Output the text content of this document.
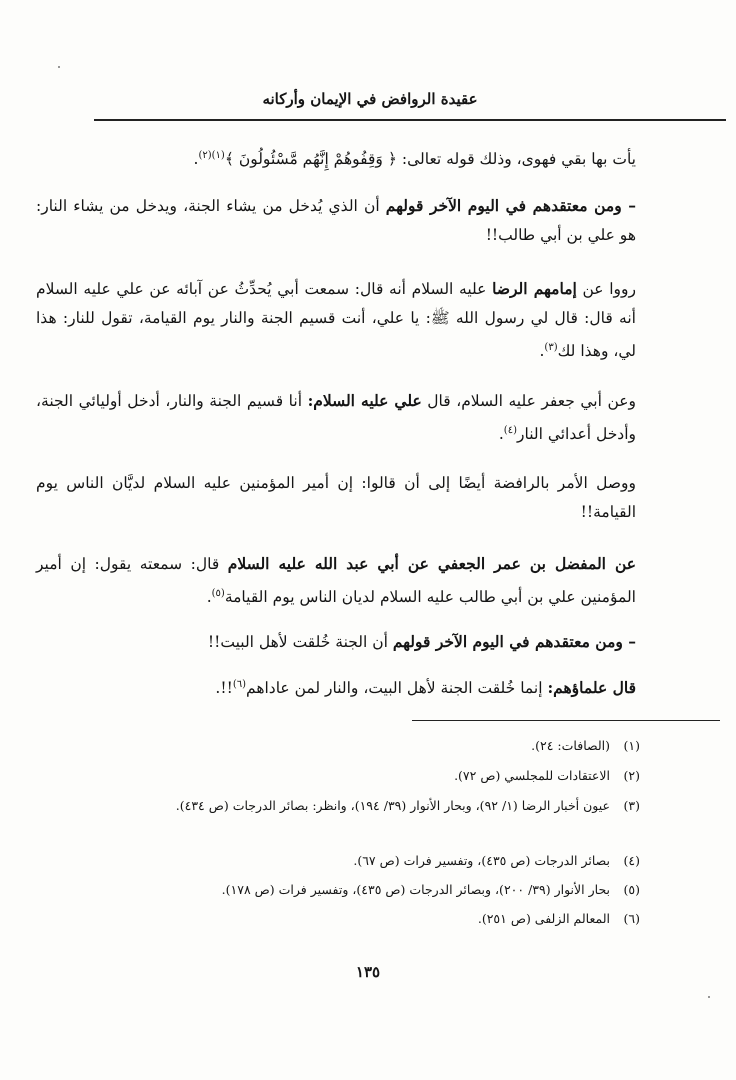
عقيدة الروافض في الإيمان وأركانه

يأت بها بقي فهوى، وذلك قوله تعالى: ﴿ وَقِفُوهُمْ إِنَّهُم مَّسْئُولُونَ ﴾$^{(١)(٢)}$.

– ومن معتقدهم في اليوم الآخر قولهم أن الذي يُدخل من يشاء الجنة، ويدخل من يشاء النار: هو علي بن أبي طالب!!

رووا عن إمامهم الرضا عليه السلام أنه قال: سمعت أبي يُحدِّثُ عن آبائه عن علي عليه السلام أنه قال: قال لي رسول الله ﷺ: يا علي، أنت قسيم الجنة والنار يوم القيامة، تقول للنار: هذا لي، وهذا لك$^{(٣)}$.

وعن أبي جعفر عليه السلام، قال علي عليه السلام: أنا قسيم الجنة والنار، أدخل أوليائي الجنة، وأدخل أعدائي النار$^{(٤)}$.

ووصل الأمر بالرافضة أيضًا إلى أن قالوا: إن أمير المؤمنين عليه السلام لديَّان الناس يوم القيامة!!

عن المفضل بن عمر الجعفي عن أبي عبد الله عليه السلام قال: سمعته يقول: إن أمير المؤمنين علي بن أبي طالب عليه السلام لديان الناس يوم القيامة$^{(٥)}$.

– ومن معتقدهم في اليوم الآخر قولهم أن الجنة خُلقت لأهل البيت!!

قال علماؤهم: إنما خُلقت الجنة لأهل البيت، والنار لمن عاداهم$^{(٦)}$!!.

(١)
(الصافات: ٢٤).
(٢)
الاعتقادات للمجلسي (ص ٧٢).
(٣)
عيون أخبار الرضا (١/ ٩٢)، وبحار الأنوار (٣٩/ ١٩٤)، وانظر: بصائر الدرجات (ص ٤٣٤).
(٤)
بصائر الدرجات (ص ٤٣٥)، وتفسير فرات (ص ٦٧).
(٥)
بحار الأنوار (٣٩/ ٢٠٠)، وبصائر الدرجات (ص ٤٣٥)، وتفسير فرات (ص ١٧٨).
(٦)
المعالم الزلفى (ص ٢٥١).
١٣٥
